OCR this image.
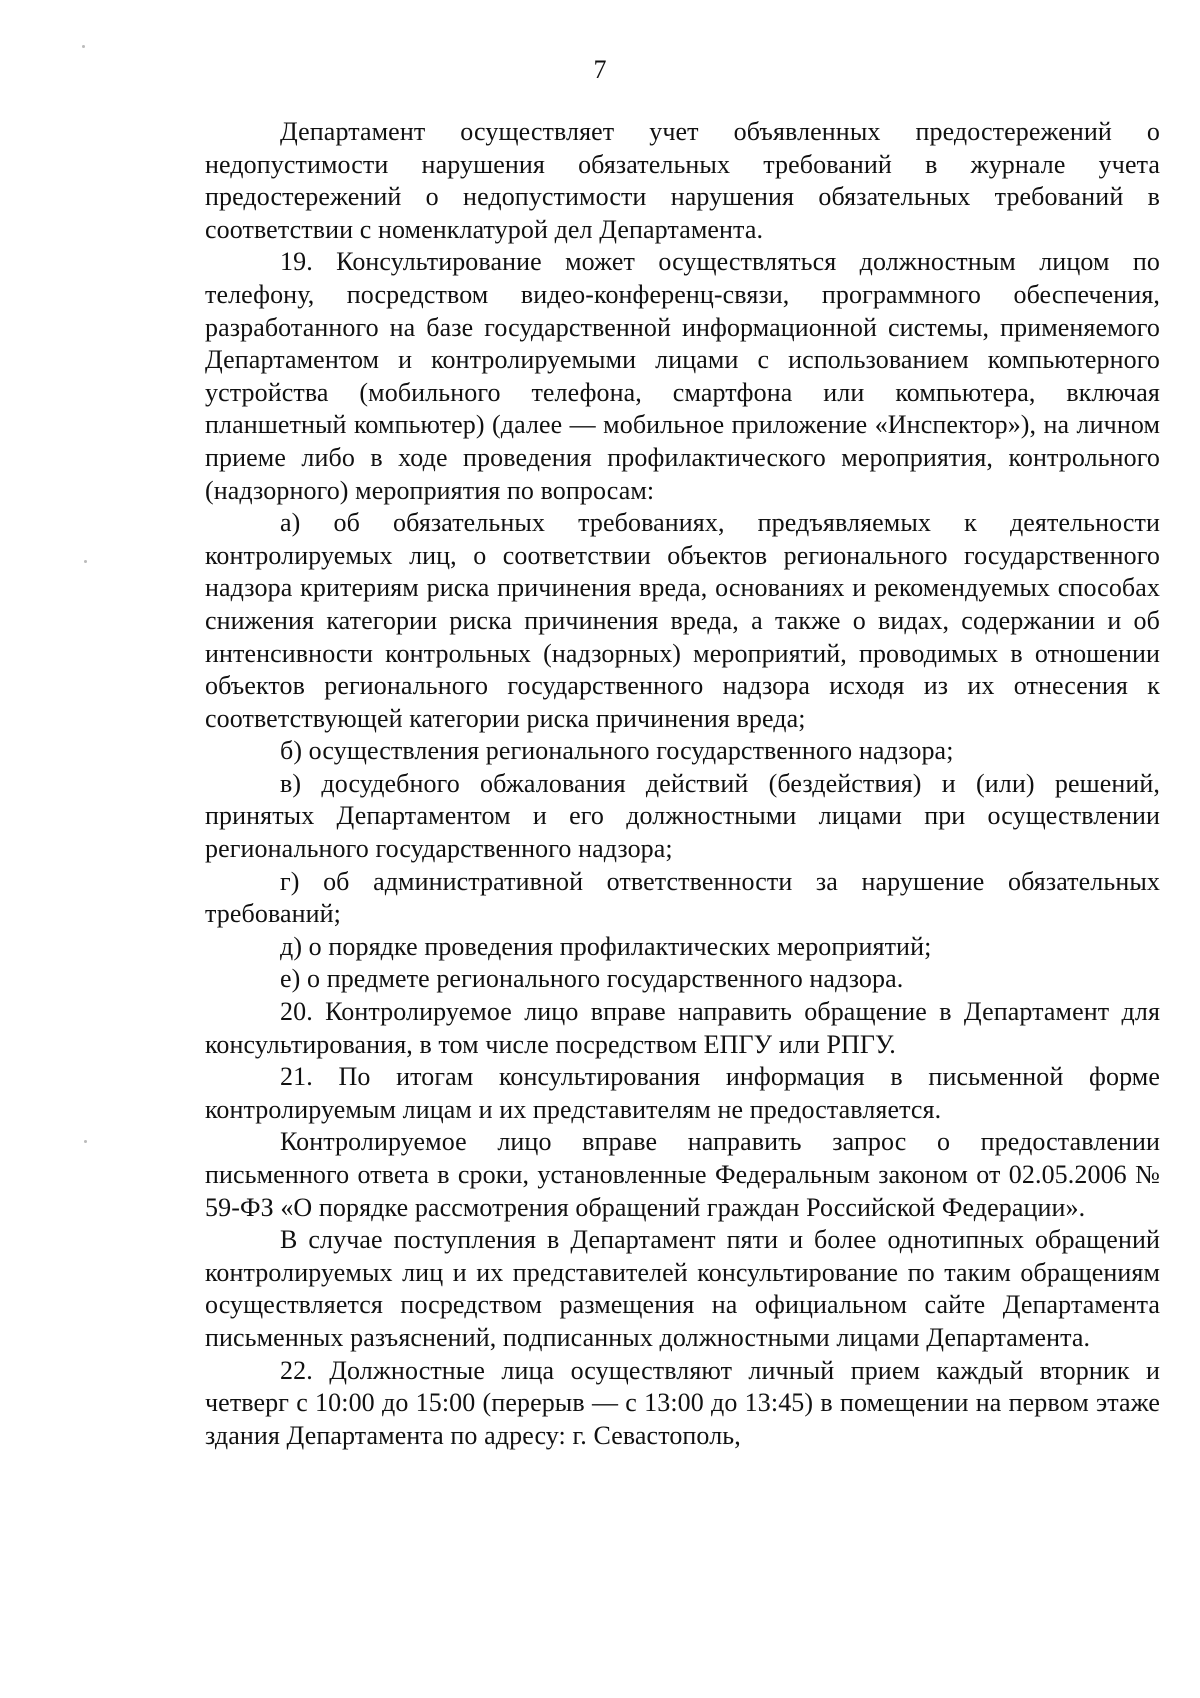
7

Департамент осуществляет учет объявленных предостережений о недопустимости нарушения обязательных требований в журнале учета предостережений о недопустимости нарушения обязательных требований в соответствии с номенклатурой дел Департамента.

19. Консультирование может осуществляться должностным лицом по телефону, посредством видео-конференц-связи, программного обеспечения, разработанного на базе государственной информационной системы, применяемого Департаментом и контролируемыми лицами с использованием компьютерного устройства (мобильного телефона, смартфона или компьютера, включая планшетный компьютер) (далее — мобильное приложение «Инспектор»), на личном приеме либо в ходе проведения профилактического мероприятия, контрольного (надзорного) мероприятия по вопросам:

а) об обязательных требованиях, предъявляемых к деятельности контролируемых лиц, о соответствии объектов регионального государственного надзора критериям риска причинения вреда, основаниях и рекомендуемых способах снижения категории риска причинения вреда, а также о видах, содержании и об интенсивности контрольных (надзорных) мероприятий, проводимых в отношении объектов регионального государственного надзора исходя из их отнесения к соответствующей категории риска причинения вреда;

б) осуществления регионального государственного надзора;

в) досудебного обжалования действий (бездействия) и (или) решений, принятых Департаментом и его должностными лицами при осуществлении регионального государственного надзора;

г) об административной ответственности за нарушение обязательных требований;

д) о порядке проведения профилактических мероприятий;

е) о предмете регионального государственного надзора.

20. Контролируемое лицо вправе направить обращение в Департамент для консультирования, в том числе посредством ЕПГУ или РПГУ.

21. По итогам консультирования информация в письменной форме контролируемым лицам и их представителям не предоставляется.

Контролируемое лицо вправе направить запрос о предоставлении письменного ответа в сроки, установленные Федеральным законом от 02.05.2006 № 59-ФЗ «О порядке рассмотрения обращений граждан Российской Федерации».

В случае поступления в Департамент пяти и более однотипных обращений контролируемых лиц и их представителей консультирование по таким обращениям осуществляется посредством размещения на официальном сайте Департамента письменных разъяснений, подписанных должностными лицами Департамента.

22. Должностные лица осуществляют личный прием каждый вторник и четверг с 10:00 до 15:00 (перерыв — с 13:00 до 13:45) в помещении на первом этаже здания Департамента по адресу: г. Севастополь,
